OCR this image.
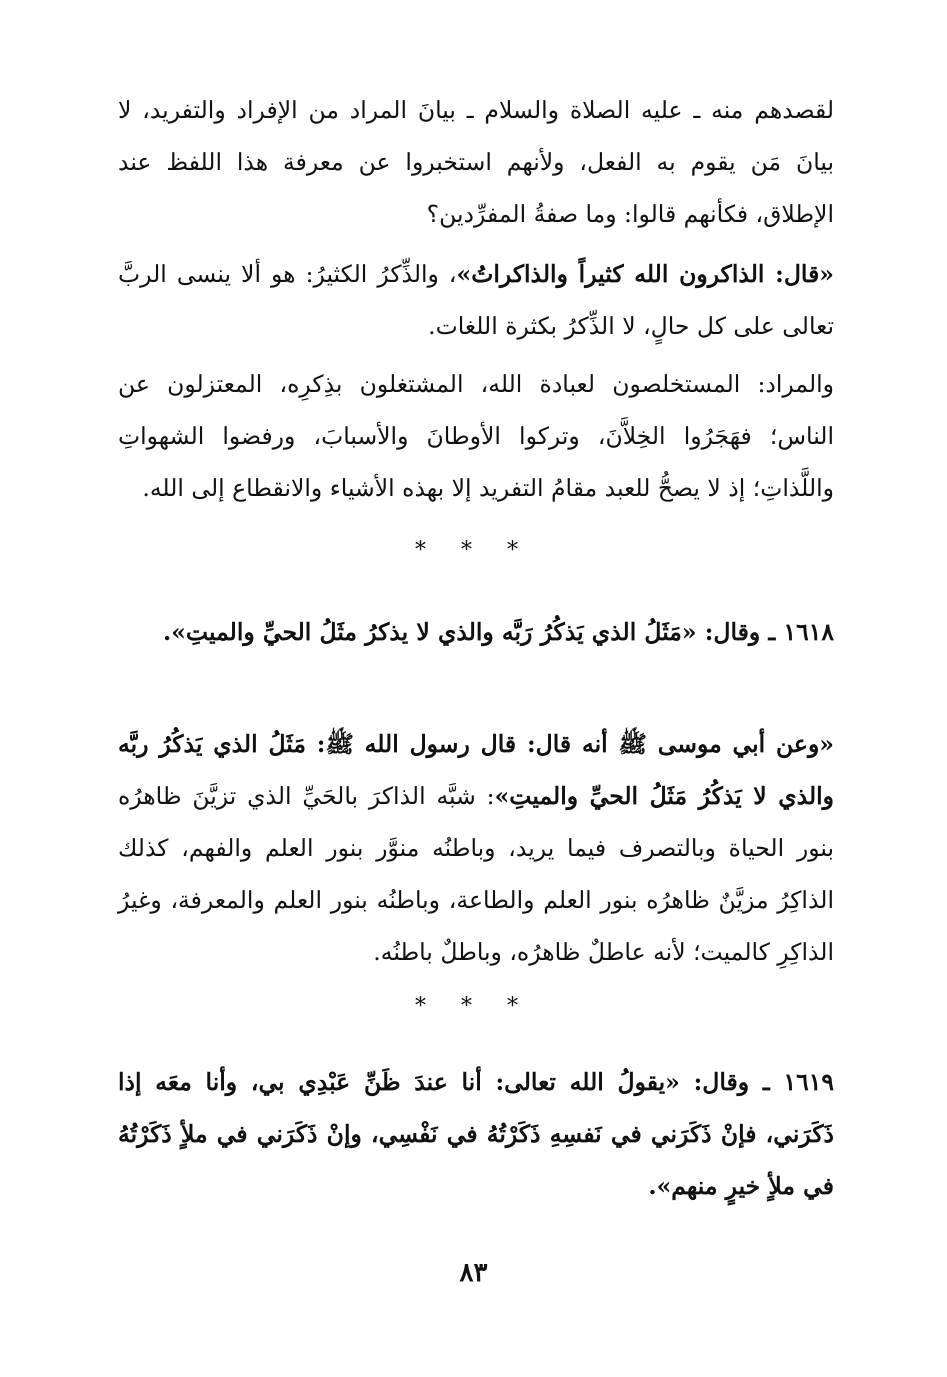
لقصدهم منه ـ عليه الصلاة والسلام ـ بيانَ المراد من الإفراد والتفريد، لا بيانَ مَن يقوم به الفعل، ولأنهم استخبروا عن معرفة هذا اللفظ عند الإطلاق، فكأنهم قالوا: وما صفةُ المفرِّدين؟

«قال: الذاكرون الله كثيراً والذاكراتُ»، والذِّكرُ الكثيرُ: هو ألا ينسى الربَّ تعالى على كل حالٍ، لا الذِّكرُ بكثرة اللغات.

والمراد: المستخلصون لعبادة الله، المشتغلون بذِكرِه، المعتزلون عن الناس؛ فهَجَرُوا الخِلاَّنَ، وتركوا الأوطانَ والأسبابَ، ورفضوا الشهواتِ واللَّذاتِ؛ إذ لا يصحُّ للعبد مقامُ التفريد إلا بهذه الأشياء والانقطاع إلى الله.

* * *

١٦١٨ ـ وقال: «مَثَلُ الذي يَذكُرُ رَبَّه والذي لا يذكرُ مثَلُ الحيِّ والميتِ».

«وعن أبي موسى ﷺ أنه قال: قال رسول الله ﷺ: مَثَلُ الذي يَذكُرُ ربَّه والذي لا يَذكُرُ مَثَلُ الحيِّ والميتِ»: شبَّه الذاكرَ بالحَيِّ الذي تزيَّنَ ظاهرُه بنور الحياة وبالتصرف فيما يريد، وباطنُه منوَّر بنور العلم والفهم، كذلك الذاكِرُ مزيَّنٌ ظاهرُه بنور العلم والطاعة، وباطنُه بنور العلم والمعرفة، وغيرُ الذاكِرِ كالميت؛ لأنه عاطلٌ ظاهرُه، وباطلٌ باطنُه.

* * *

١٦١٩ ـ وقال: «يقولُ الله تعالى: أنا عندَ ظَنِّ عَبْدِي بي، وأنا معَه إذا ذَكَرَني، فإنْ ذَكَرَني في نَفسِهِ ذَكَرْتُهُ في نَفْسِي، وإنْ ذَكَرَني في ملأٍ ذَكَرْتُهُ في ملأٍ خيرٍ منهم».

٨٣
